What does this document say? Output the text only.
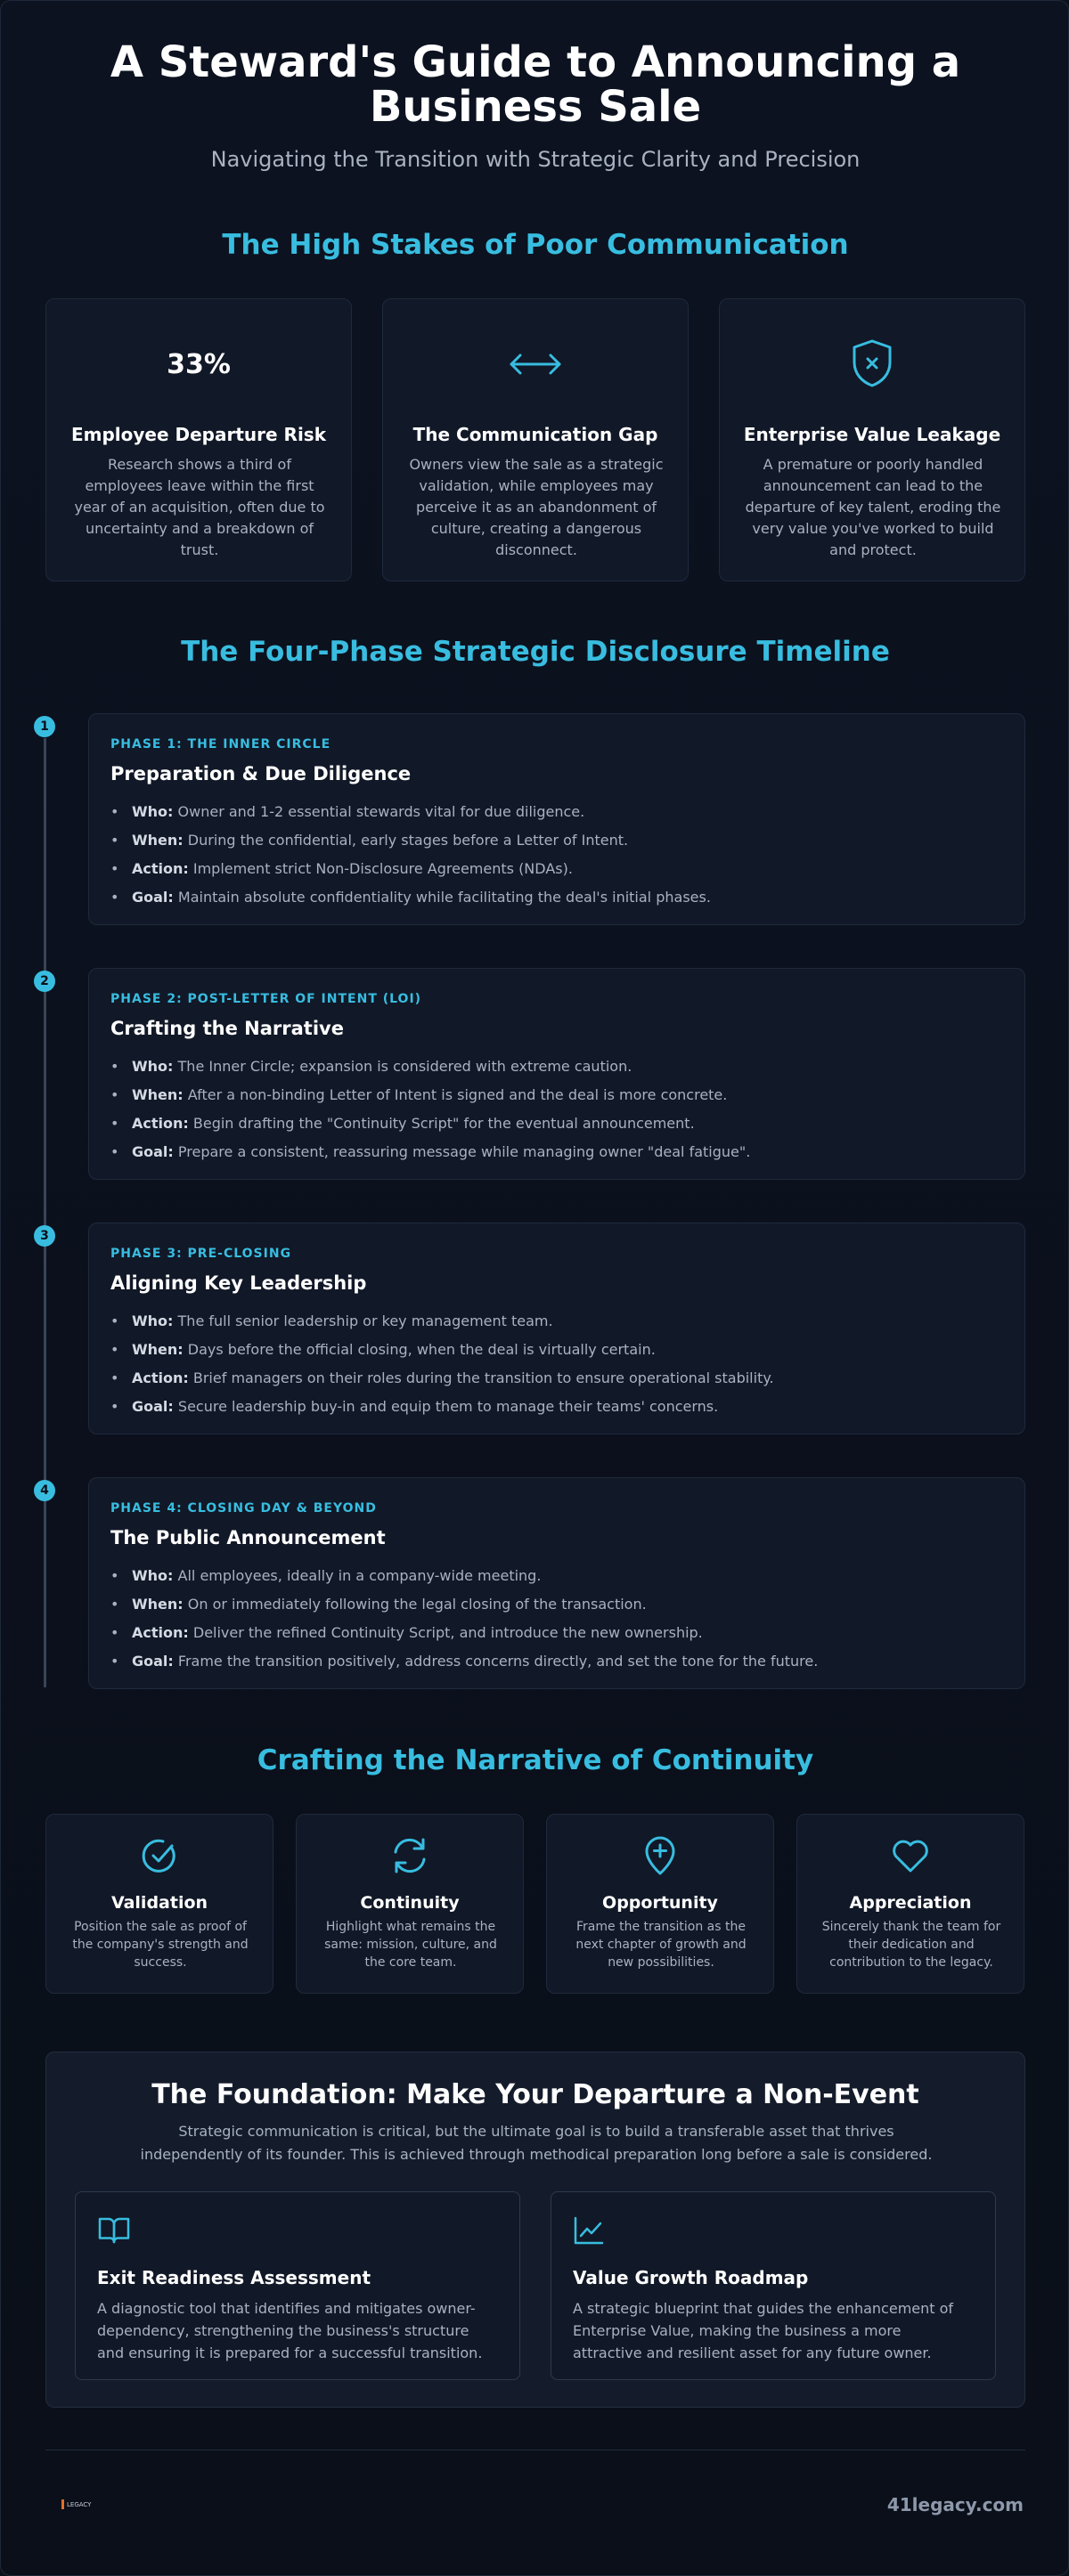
A Steward's Guide to Announcing a
Business Sale

Navigating the Transition with Strategic Clarity and Precision

The High Stakes of Poor Communication
33%
Employee Departure Risk
Research shows a third of employees leave within the first year of an acquisition, often due to uncertainty and a breakdown of trust.
The Communication Gap
Owners view the sale as a strategic validation, while employees may perceive it as an abandonment of culture, creating a dangerous disconnect.
Enterprise Value Leakage
A premature or poorly handled announcement can lead to the departure of key talent, eroding the very value you've worked to build and protect.
The Four-Phase Strategic Disclosure Timeline
1
PHASE 1: THE INNER CIRCLE
Preparation & Due Diligence
• Who: Owner and 1-2 essential stewards vital for due diligence.
• When: During the confidential, early stages before a Letter of Intent.
• Action: Implement strict Non-Disclosure Agreements (NDAs).
• Goal: Maintain absolute confidentiality while facilitating the deal's initial phases.
2
PHASE 2: POST-LETTER OF INTENT (LOI)
Crafting the Narrative
• Who: The Inner Circle; expansion is considered with extreme caution.
• When: After a non-binding Letter of Intent is signed and the deal is more concrete.
• Action: Begin drafting the "Continuity Script" for the eventual announcement.
• Goal: Prepare a consistent, reassuring message while managing owner "deal fatigue".
3
PHASE 3: PRE-CLOSING
Aligning Key Leadership
• Who: The full senior leadership or key management team.
• When: Days before the official closing, when the deal is virtually certain.
• Action: Brief managers on their roles during the transition to ensure operational stability.
• Goal: Secure leadership buy-in and equip them to manage their teams' concerns.
4
PHASE 4: CLOSING DAY & BEYOND
The Public Announcement
• Who: All employees, ideally in a company-wide meeting.
• When: On or immediately following the legal closing of the transaction.
• Action: Deliver the refined Continuity Script, and introduce the new ownership.
• Goal: Frame the transition positively, address concerns directly, and set the tone for the future.
Crafting the Narrative of Continuity
Validation
Position the sale as proof of the company's strength and success.
Continuity
Highlight what remains the same: mission, culture, and the core team.
Opportunity
Frame the transition as the next chapter of growth and new possibilities.
Appreciation
Sincerely thank the team for their dedication and contribution to the legacy.
The Foundation: Make Your Departure a Non-Event
Strategic communication is critical, but the ultimate goal is to build a transferable asset that thrives independently of its founder. This is achieved through methodical preparation long before a sale is considered.
Exit Readiness Assessment
A diagnostic tool that identifies and mitigates owner-dependency, strengthening the business's structure and ensuring it is prepared for a successful transition.
Value Growth Roadmap
A strategic blueprint that guides the enhancement of Enterprise Value, making the business a more attractive and resilient asset for any future owner.
LEGACY	41legacy.com
